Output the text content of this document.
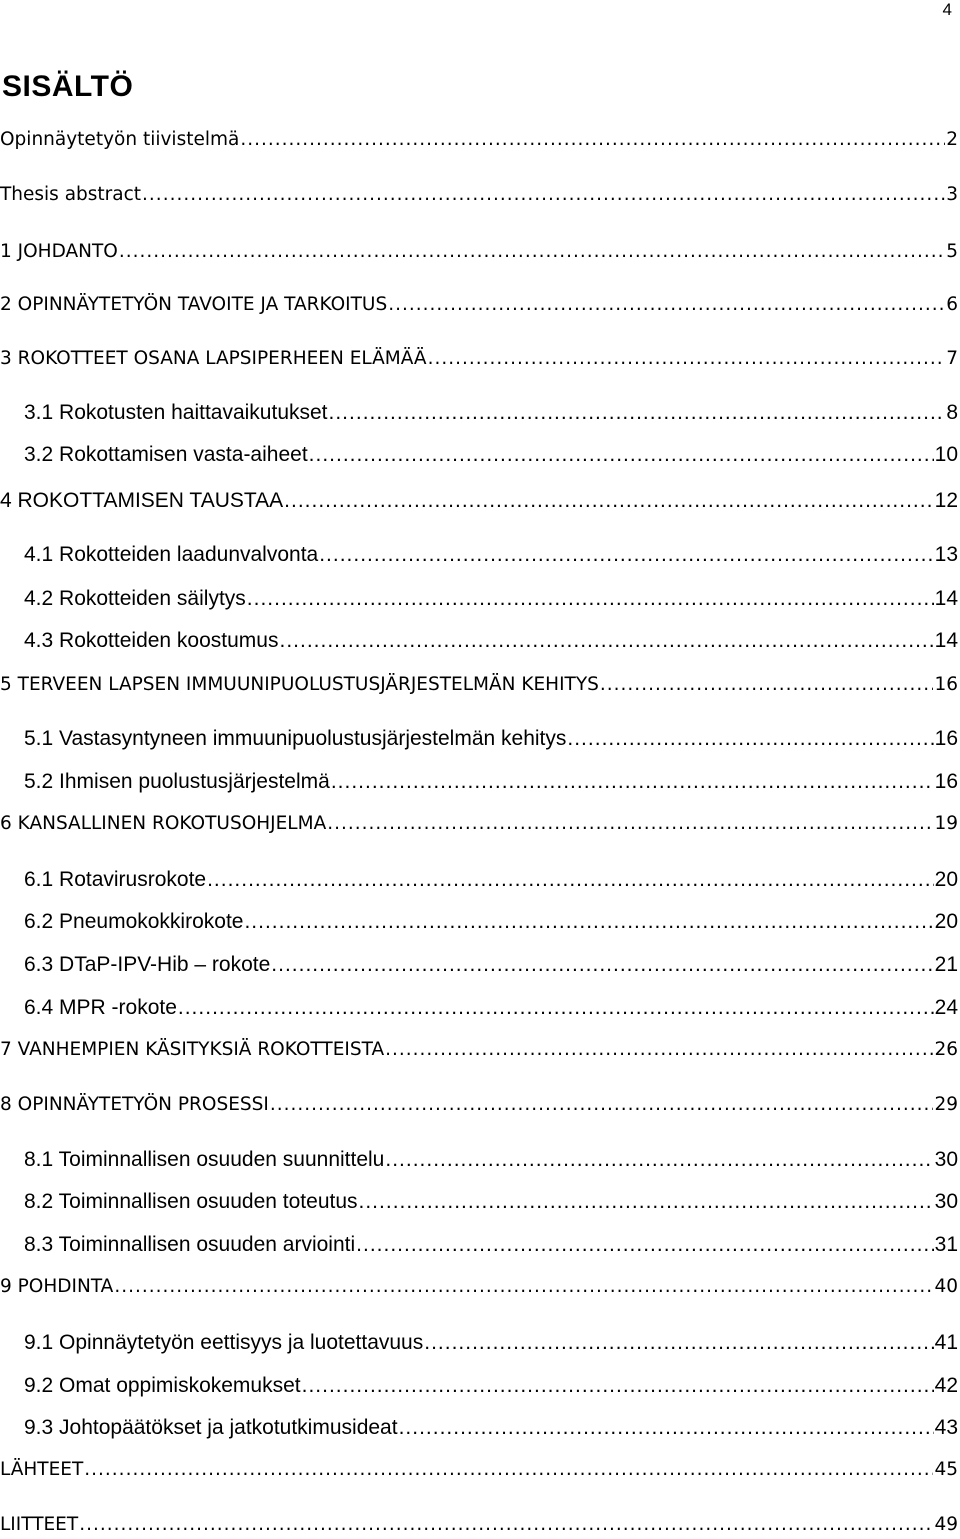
4
SISÄLTÖ
Opinnäytetyön tiivistelmä .....	2
Thesis abstract .....	3
1 JOHDANTO .....	5
2 OPINNÄYTETYÖN TAVOITE JA TARKOITUS .....	6
3 ROKOTTEET OSANA LAPSIPERHEEN ELÄMÄÄ .....	7
3.1 Rokotusten haittavaikutukset .....	8
3.2 Rokottamisen vasta-aiheet .....	10
4 ROKOTTAMISEN TAUSTAA .....	12
4.1 Rokotteiden laadunvalvonta .....	13
4.2 Rokotteiden säilytys .....	14
4.3 Rokotteiden koostumus .....	14
5 TERVEEN LAPSEN IMMUUNIPUOLUSTUSJÄRJESTELMÄN KEHITYS .....	16
5.1 Vastasyntyneen immuunipuolustusjärjestelmän kehitys .....	16
5.2 Ihmisen puolustusjärjestelmä .....	16
6 KANSALLINEN ROKOTUSOHJELMA .....	19
6.1 Rotavirusrokote .....	20
6.2 Pneumokokkirokote .....	20
6.3 DTaP-IPV-Hib – rokote .....	21
6.4 MPR -rokote .....	24
7 VANHEMPIEN KÄSITYKSIÄ ROKOTTEISTA .....	26
8 OPINNÄYTETYÖN PROSESSI .....	29
8.1 Toiminnallisen osuuden suunnittelu .....	30
8.2 Toiminnallisen osuuden toteutus .....	30
8.3 Toiminnallisen osuuden arviointi .....	31
9 POHDINTA .....	40
9.1 Opinnäytetyön eettisyys ja luotettavuus .....	41
9.2 Omat oppimiskokemukset .....	42
9.3 Johtopäätökset ja jatkotutkimusideat .....	43
LÄHTEET .....	45
LIITTEET .....	49
